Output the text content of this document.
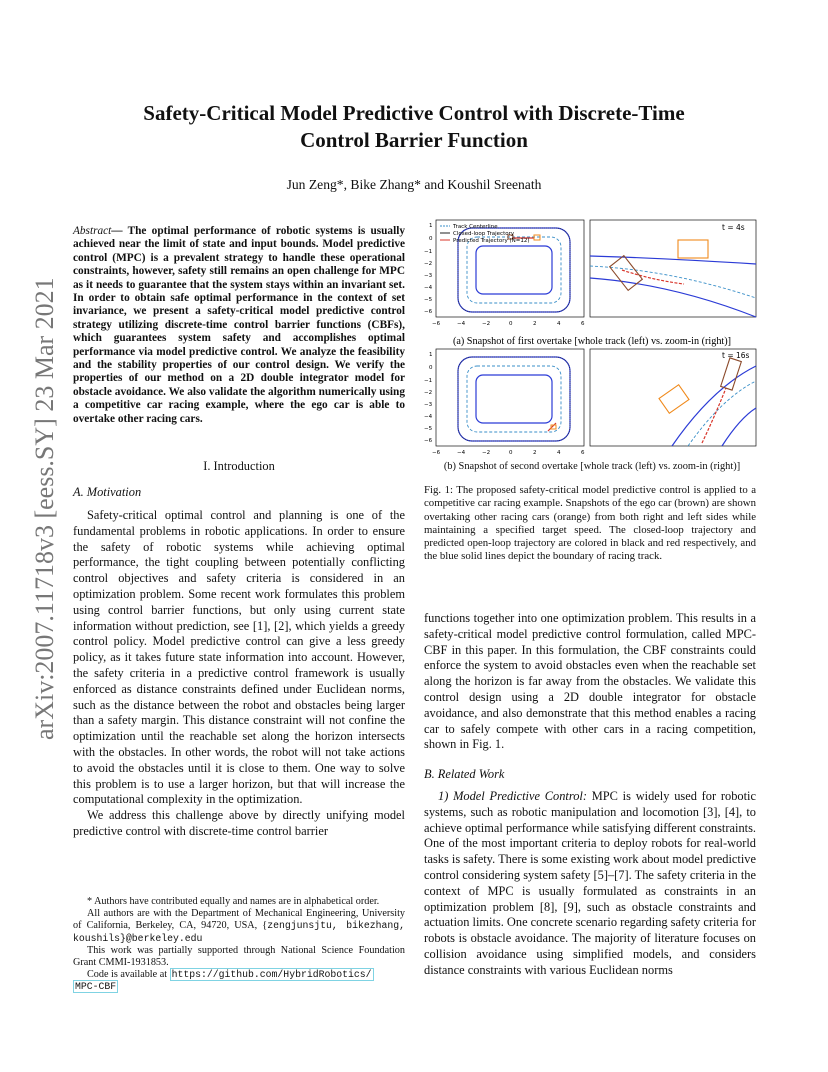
Safety-Critical Model Predictive Control with Discrete-Time
Control Barrier Function
Jun Zeng*, Bike Zhang* and Koushil Sreenath
arXiv:2007.11718v3 [eess.SY] 23 Mar 2021
Abstract— The optimal performance of robotic systems is usually achieved near the limit of state and input bounds. Model predictive control (MPC) is a prevalent strategy to handle these operational constraints, however, safety still remains an open challenge for MPC as it needs to guarantee that the system stays within an invariant set. In order to obtain safe optimal performance in the context of set invariance, we present a safety-critical model predictive control strategy utilizing discrete-time control barrier functions (CBFs), which guarantees system safety and accomplishes optimal performance via model predictive control. We analyze the feasibility and the stability properties of our control design. We verify the properties of our method on a 2D double integrator model for obstacle avoidance. We also validate the algorithm numerically using a competitive car racing example, where the ego car is able to overtake other racing cars.
I. Introduction
A. Motivation

Safety-critical optimal control and planning is one of the fundamental problems in robotic applications. In order to ensure the safety of robotic systems while achieving optimal performance, the tight coupling between potentially conflicting control objectives and safety criteria is considered in an optimization problem. Some recent work formulates this problem using control barrier functions, but only using current state information without prediction, see [1], [2], which yields a greedy control policy. Model predictive control can give a less greedy policy, as it takes future state information into account. However, the safety criteria in a predictive control framework is usually enforced as distance constraints defined under Euclidean norms, such as the distance between the robot and obstacles being larger than a safety margin. This distance constraint will not confine the optimization until the reachable set along the horizon intersects with the obstacles. In other words, the robot will not take actions to avoid the obstacles until it is close to them. One way to solve this problem is to use a larger horizon, but that will increase the computational complexity in the optimization.

We address this challenge above by directly unifying model predictive control with discrete-time control barrier

* Authors have contributed equally and names are in alphabetical order.

All authors are with the Department of Mechanical Engineering, University of California, Berkeley, CA, 94720, USA, {zengjunsjtu, bikezhang, koushils}@berkeley.edu

This work was partially supported through National Science Foundation Grant CMMI-1931853.

Code is available at https://github.com/HybridRobotics/
MPC-CBF

Track Centerline
Closed-loop Trajectory
Predicted Trajectory (N=12)
1
0
−1
−2
−3
−4
−5
−6
−6	−4	−2	0	2	4	6
t = 4s
(a) Snapshot of first overtake [whole track (left) vs. zoom-in (right)]
1
0
−1
−2
−3
−4
−5
−6
−6	−4	−2	0	2	4	6
t = 16s
(b) Snapshot of second overtake [whole track (left) vs. zoom-in (right)]
Fig. 1: The proposed safety-critical model predictive control is applied to a competitive car racing example. Snapshots of the ego car (brown) are shown overtaking other racing cars (orange) from both right and left sides while maintaining a specified target speed. The closed-loop trajectory and predicted open-loop trajectory are colored in black and red respectively, and the blue solid lines depict the boundary of racing track.

functions together into one optimization problem. This results in a safety-critical model predictive control formulation, called MPC-CBF in this paper. In this formulation, the CBF constraints could enforce the system to avoid obstacles even when the reachable set along the horizon is far away from the obstacles. We validate this control design using a 2D double integrator for obstacle avoidance, and also demonstrate that this method enables a racing car to safely compete with other cars in a racing competition, shown in Fig. 1.

B. Related Work

1) Model Predictive Control: MPC is widely used for robotic systems, such as robotic manipulation and locomotion [3], [4], to achieve optimal performance while satisfying different constraints. One of the most important criteria to deploy robots for real-world tasks is safety. There is some existing work about model predictive control considering system safety [5]–[7]. The safety criteria in the context of MPC is usually formulated as constraints in an optimization problem [8], [9], such as obstacle constraints and actuation limits. One concrete scenario regarding safety criteria for robots is obstacle avoidance. The majority of literature focuses on collision avoidance using simplified models, and considers distance constraints with various Euclidean norms
